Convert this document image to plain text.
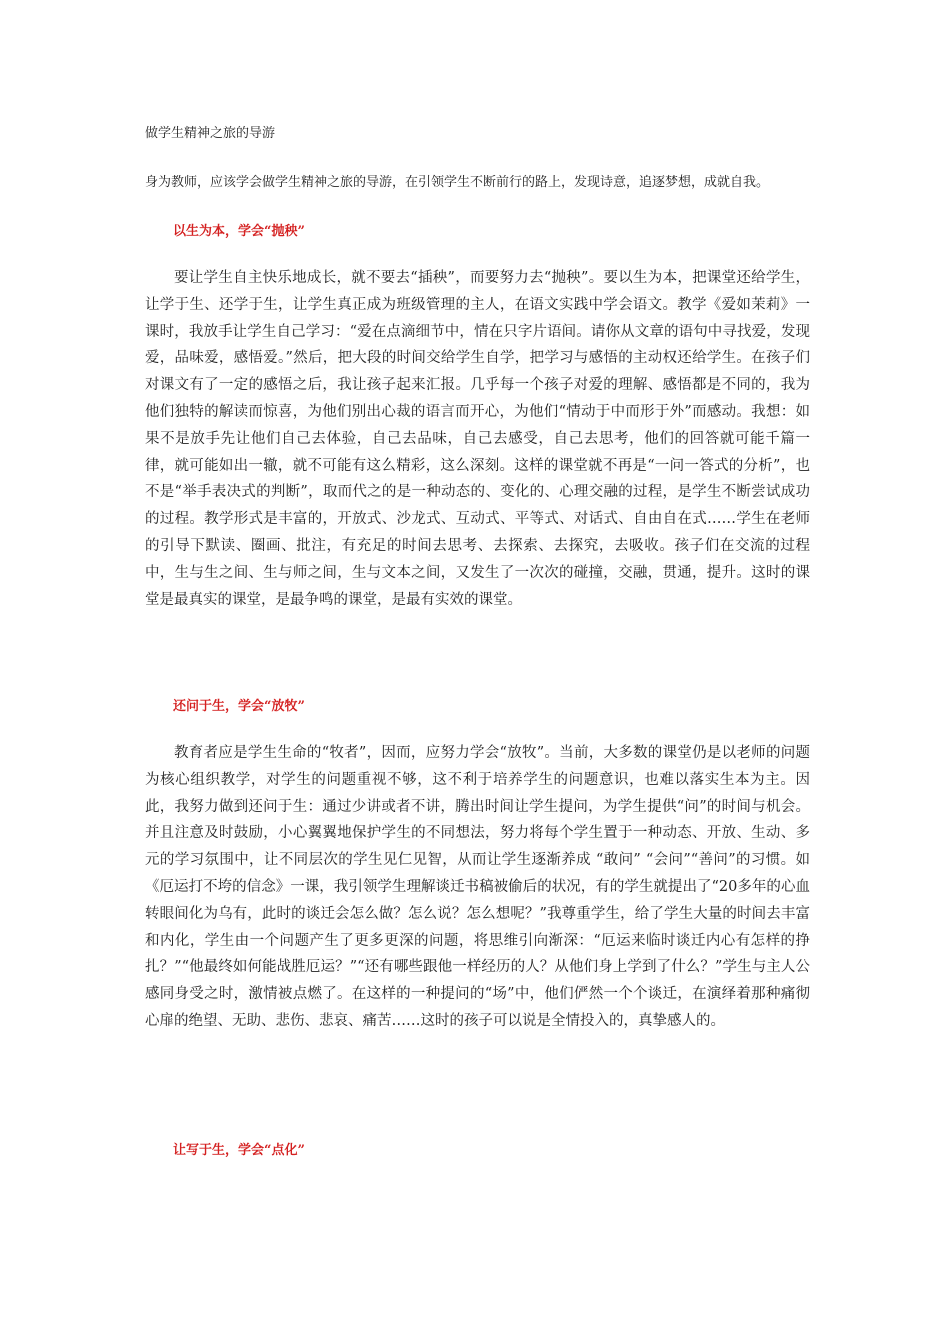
做学生精神之旅的导游
身为教师，应该学会做学生精神之旅的导游，在引领学生不断前行的路上，发现诗意，追逐梦想，成就自我。
以生为本，学会“抛秧”

要让学生自主快乐地成长，就不要去“插秧”，而要努力去“抛秧”。要以生为本，把课堂还给学生，让学于生、还学于生，让学生真正成为班级管理的主人，在语文实践中学会语文。教学《爱如茉莉》一课时，我放手让学生自己学习：“爱在点滴细节中，情在只字片语间。请你从文章的语句中寻找爱，发现爱，品味爱，感悟爱。”然后，把大段的时间交给学生自学，把学习与感悟的主动权还给学生。在孩子们对课文有了一定的感悟之后，我让孩子起来汇报。几乎每一个孩子对爱的理解、感悟都是不同的，我为他们独特的解读而惊喜，为他们别出心裁的语言而开心，为他们“情动于中而形于外”而感动。我想：如果不是放手先让他们自己去体验，自己去品味，自己去感受，自己去思考，他们的回答就可能千篇一律，就可能如出一辙，就不可能有这么精彩，这么深刻。这样的课堂就不再是“一问一答式的分析”，也不是“举手表决式的判断”，取而代之的是一种动态的、变化的、心理交融的过程，是学生不断尝试成功的过程。教学形式是丰富的，开放式、沙龙式、互动式、平等式、对话式、自由自在式……学生在老师的引导下默读、圈画、批注，有充足的时间去思考、去探索、去探究，去吸收。孩子们在交流的过程中，生与生之间、生与师之间，生与文本之间，又发生了一次次的碰撞，交融，贯通，提升。这时的课堂是最真实的课堂，是最争鸣的课堂，是最有实效的课堂。

还问于生，学会“放牧”

教育者应是学生生命的“牧者”，因而，应努力学会“放牧”。当前，大多数的课堂仍是以老师的问题为核心组织教学，对学生的问题重视不够，这不利于培养学生的问题意识，也难以落实生本为主。因此，我努力做到还问于生：通过少讲或者不讲，腾出时间让学生提问，为学生提供“问”的时间与机会。并且注意及时鼓励，小心翼翼地保护学生的不同想法，努力将每个学生置于一种动态、开放、生动、多元的学习氛围中，让不同层次的学生见仁见智，从而让学生逐渐养成 “敢问” “会问”“善问”的习惯。如《厄运打不垮的信念》一课，我引领学生理解谈迁书稿被偷后的状况，有的学生就提出了“20多年的心血转眼间化为乌有，此时的谈迁会怎么做？怎么说？怎么想呢？”我尊重学生，给了学生大量的时间去丰富和内化，学生由一个问题产生了更多更深的问题，将思维引向渐深：“厄运来临时谈迁内心有怎样的挣扎？”“他最终如何能战胜厄运？”“还有哪些跟他一样经历的人？从他们身上学到了什么？”学生与主人公感同身受之时，激情被点燃了。在这样的一种提问的“场”中，他们俨然一个个谈迁，在演绎着那种痛彻心扉的绝望、无助、悲伤、悲哀、痛苦……这时的孩子可以说是全情投入的，真挚感人的。

让写于生，学会“点化”
